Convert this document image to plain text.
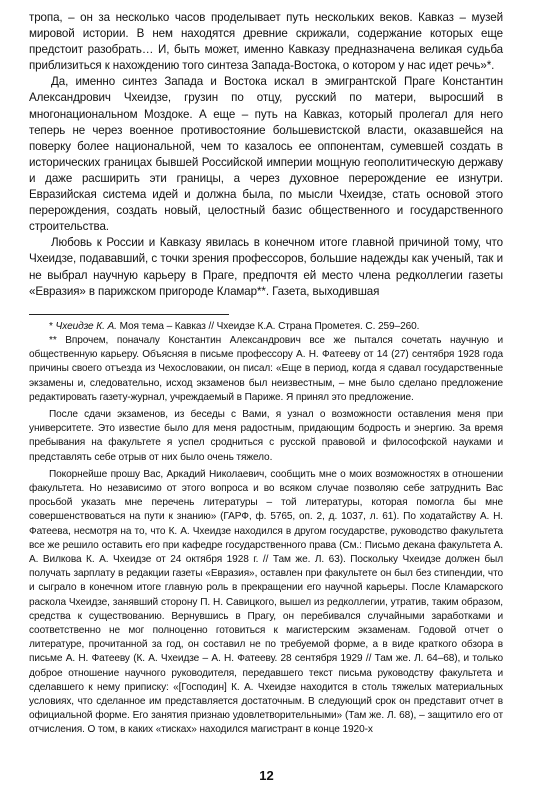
тропа, – он за несколько часов проделывает путь нескольких веков. Кавказ – музей мировой истории. В нем находятся древние скрижали, содержание которых еще предстоит разобрать… И, быть может, именно Кавказу предназначена великая судьба приблизиться к нахождению того синтеза Запада-Востока, о котором у нас идет речь»*.

Да, именно синтез Запада и Востока искал в эмигрантской Праге Константин Александрович Чхеидзе, грузин по отцу, русский по матери, выросший в многонациональном Моздоке. А еще – путь на Кавказ, который пролегал для него теперь не через военное противостояние большевистской власти, оказавшейся на поверку более национальной, чем то казалось ее оппонентам, сумевшей создать в исторических границах бывшей Российской империи мощную геополитическую державу и даже расширить эти границы, а через духовное перерождение ее изнутри. Евразийская система идей и должна была, по мысли Чхеидзе, стать основой этого перерождения, создать новый, целостный базис общественного и государственного строительства.

Любовь к России и Кавказу явилась в конечном итоге главной причиной тому, что Чхеидзе, подававший, с точки зрения профессоров, большие надежды как ученый, так и не выбрал научную карьеру в Праге, предпочтя ей место члена редколлегии газеты «Евразия» в парижском пригороде Кламар**. Газета, выходившая

* Чхеидзе К. А. Моя тема – Кавказ // Чхеидзе К.А. Страна Прометея. С. 259–260.

** Впрочем, поначалу Константин Александрович все же пытался сочетать научную и общественную карьеру. Объясняя в письме профессору А. Н. Фатееву от 14 (27) сентября 1928 года причины своего отъезда из Чехословакии, он писал: «Еще в период, когда я сдавал государственные экзамены и, следовательно, исход экзаменов был неизвестным, – мне было сделано предложение редактировать газету-журнал, учреждаемый в Париже. Я принял это предложение.

После сдачи экзаменов, из беседы с Вами, я узнал о возможности оставления меня при университете. Это известие было для меня радостным, придающим бодрость и энергию. За время пребывания на факультете я успел сродниться с русской правовой и философской науками и представлять себе отрыв от них было очень тяжело.

Покорнейше прошу Вас, Аркадий Николаевич, сообщить мне о моих возможностях в отношении факультета. Но независимо от этого вопроса и во всяком случае позволяю себе затруднить Вас просьбой указать мне перечень литературы – той литературы, которая помогла бы мне совершенствоваться на пути к знанию» (ГАРФ, ф. 5765, оп. 2, д. 1037, л. 61). По ходатайству А. Н. Фатеева, несмотря на то, что К. А. Чхеидзе находился в другом государстве, руководство факультета все же решило оставить его при кафедре государственного права (См.: Письмо декана факультета А. А. Вилкова К. А. Чхеидзе от 24 октября 1928 г. // Там же. Л. 63). Поскольку Чхеидзе должен был получать зарплату в редакции газеты «Евразия», оставлен при факультете он был без стипендии, что и сыграло в конечном итоге главную роль в прекращении его научной карьеры. После Кламарского раскола Чхеидзе, занявший сторону П. Н. Савицкого, вышел из редколлегии, утратив, таким образом, средства к существованию. Вернувшись в Прагу, он перебивался случайными заработками и соответственно не мог полноценно готовиться к магистерским экзаменам. Годовой отчет о литературе, прочитанной за год, он составил не по требуемой форме, а в виде краткого обзора в письме А. Н. Фатееву (К. А. Чхеидзе – А. Н. Фатееву. 28 сентября 1929 // Там же. Л. 64–68), и только доброе отношение научного руководителя, передавшего текст письма руководству факультета и сделавшего к нему приписку: «[Господин] К. А. Чхеидзе находится в столь тяжелых материальных условиях, что сделанное им представляется достаточным. В следующий срок он представит отчет в официальной форме. Его занятия признаю удовлетворительными» (Там же. Л. 68), – защитило его от отчисления. О том, в каких «тисках» находился магистрант в конце 1920-х

12
